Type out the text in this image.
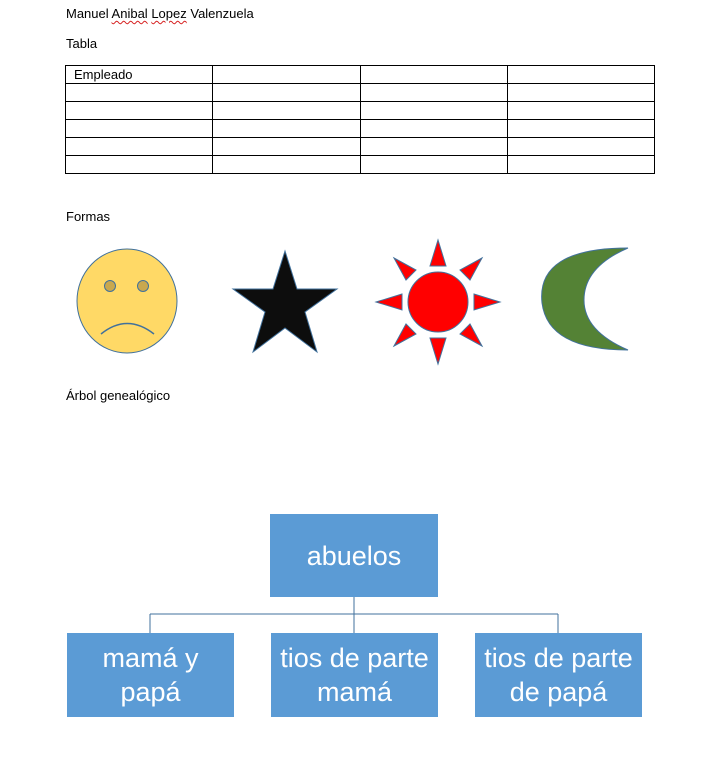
Manuel Anibal Lopez Valenzuela
Tabla
Empleado			

Formas
Árbol genealógico
abuelos
mamá y
papá
tios de parte
mamá
tios de parte
de papá
